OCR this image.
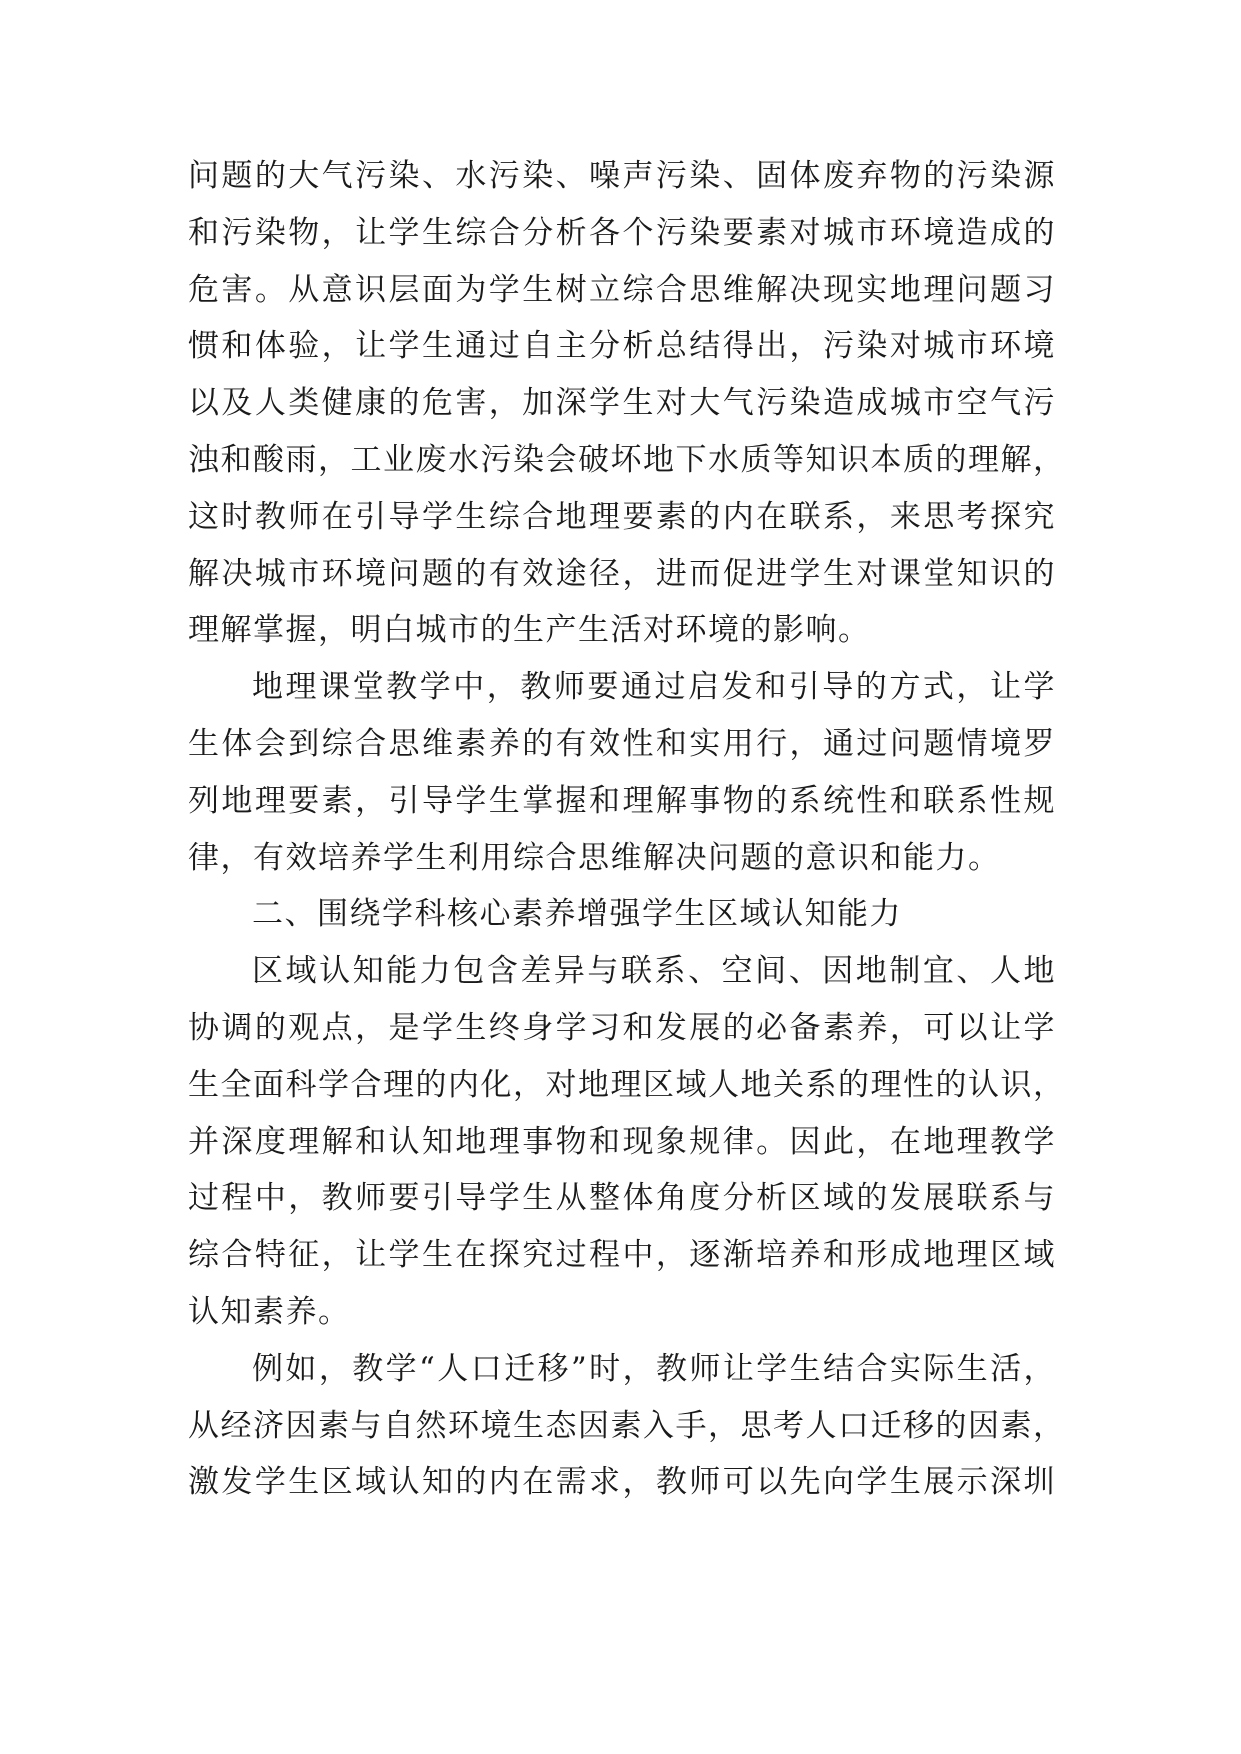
问题的大气污染、水污染、噪声污染、固体废弃物的污染源
和污染物，让学生综合分析各个污染要素对城市环境造成的
危害。从意识层面为学生树立综合思维解决现实地理问题习
惯和体验，让学生通过自主分析总结得出，污染对城市环境
以及人类健康的危害，加深学生对大气污染造成城市空气污
浊和酸雨，工业废水污染会破坏地下水质等知识本质的理解，
这时教师在引导学生综合地理要素的内在联系，来思考探究
解决城市环境问题的有效途径，进而促进学生对课堂知识的
理解掌握，明白城市的生产生活对环境的影响。
地理课堂教学中，教师要通过启发和引导的方式，让学
生体会到综合思维素养的有效性和实用行，通过问题情境罗
列地理要素，引导学生掌握和理解事物的系统性和联系性规
律，有效培养学生利用综合思维解决问题的意识和能力。
二、围绕学科核心素养增强学生区域认知能力
区域认知能力包含差异与联系、空间、因地制宜、人地
协调的观点，是学生终身学习和发展的必备素养，可以让学
生全面科学合理的内化，对地理区域人地关系的理性的认识，
并深度理解和认知地理事物和现象规律。因此，在地理教学
过程中，教师要引导学生从整体角度分析区域的发展联系与
综合特征，让学生在探究过程中，逐渐培养和形成地理区域
认知素养。
例如，教学“人口迁移”时，教师让学生结合实际生活，
从经济因素与自然环境生态因素入手，思考人口迁移的因素，
激发学生区域认知的内在需求，教师可以先向学生展示深圳
